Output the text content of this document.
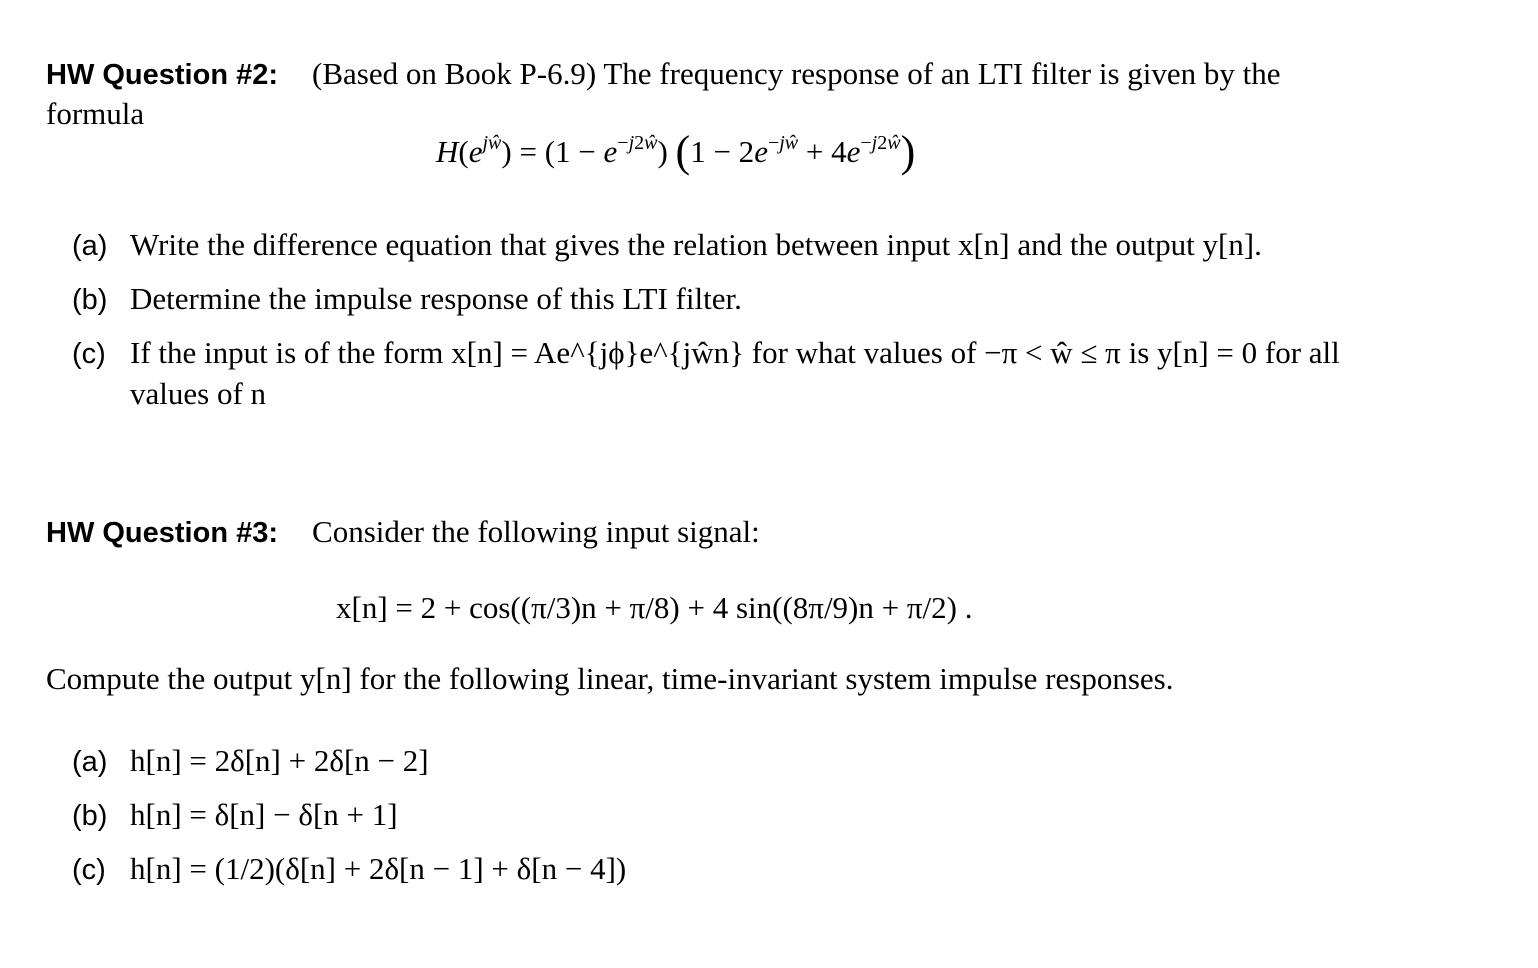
HW Question #2: (Based on Book P-6.9) The frequency response of an LTI filter is given by the
formula
$H(e^{jŵ}) = (1 - e^{-j2ŵ}) (1 - 2e^{-jŵ} + 4e^{-j2ŵ})$
(a) Write the difference equation that gives the relation between input x[n] and the output y[n].
(b) Determine the impulse response of this LTI filter.
(c) If the input is of the form x[n] = Ae^{jϕ}e^{jŵn} for what values of −π < ŵ ≤ π is y[n] = 0 for all
values of n
HW Question #3: Consider the following input signal:
x[n] = 2 + cos((π/3)n + π/8) + 4 sin((8π/9)n + π/2) .
Compute the output y[n] for the following linear, time-invariant system impulse responses.
(a) h[n] = 2δ[n] + 2δ[n − 2]
(b) h[n] = δ[n] − δ[n + 1]
(c) h[n] = (1/2)(δ[n] + 2δ[n − 1] + δ[n − 4])
